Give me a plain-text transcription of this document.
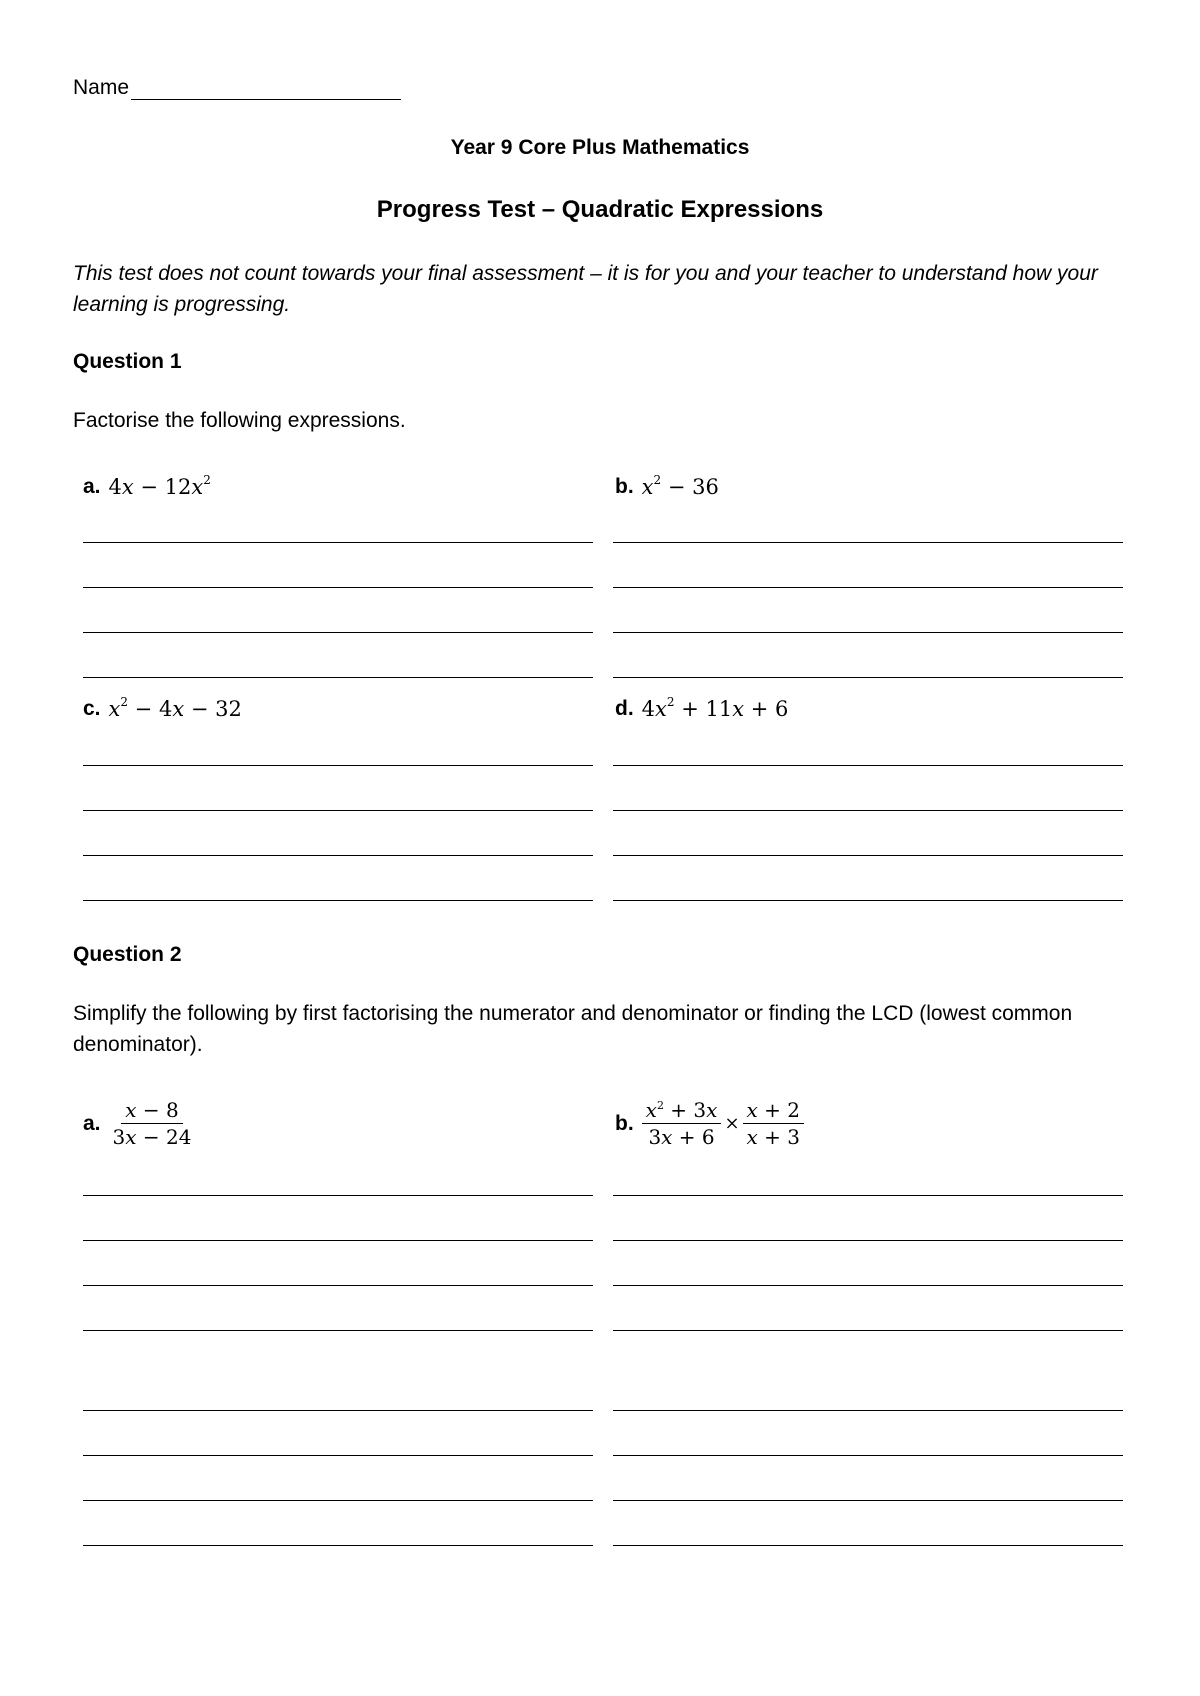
Name
Year 9 Core Plus Mathematics
Progress Test – Quadratic Expressions
This test does not count towards your final assessment – it is for you and your teacher to understand how your learning is progressing.
Question 1
Factorise the following expressions.
a. $4x - 12x^2$	b. $x^2 - 36$
c. $x^2 - 4x - 32$	d. $4x^2 + 11x + 6$
Question 2
Simplify the following by first factorising the numerator and denominator or finding the LCD (lowest common denominator).
a. $\frac{x - 8}{3x - 24}$	b. $\frac{x^2 + 3x}{3x + 6} \times \frac{x + 2}{x + 3}$
